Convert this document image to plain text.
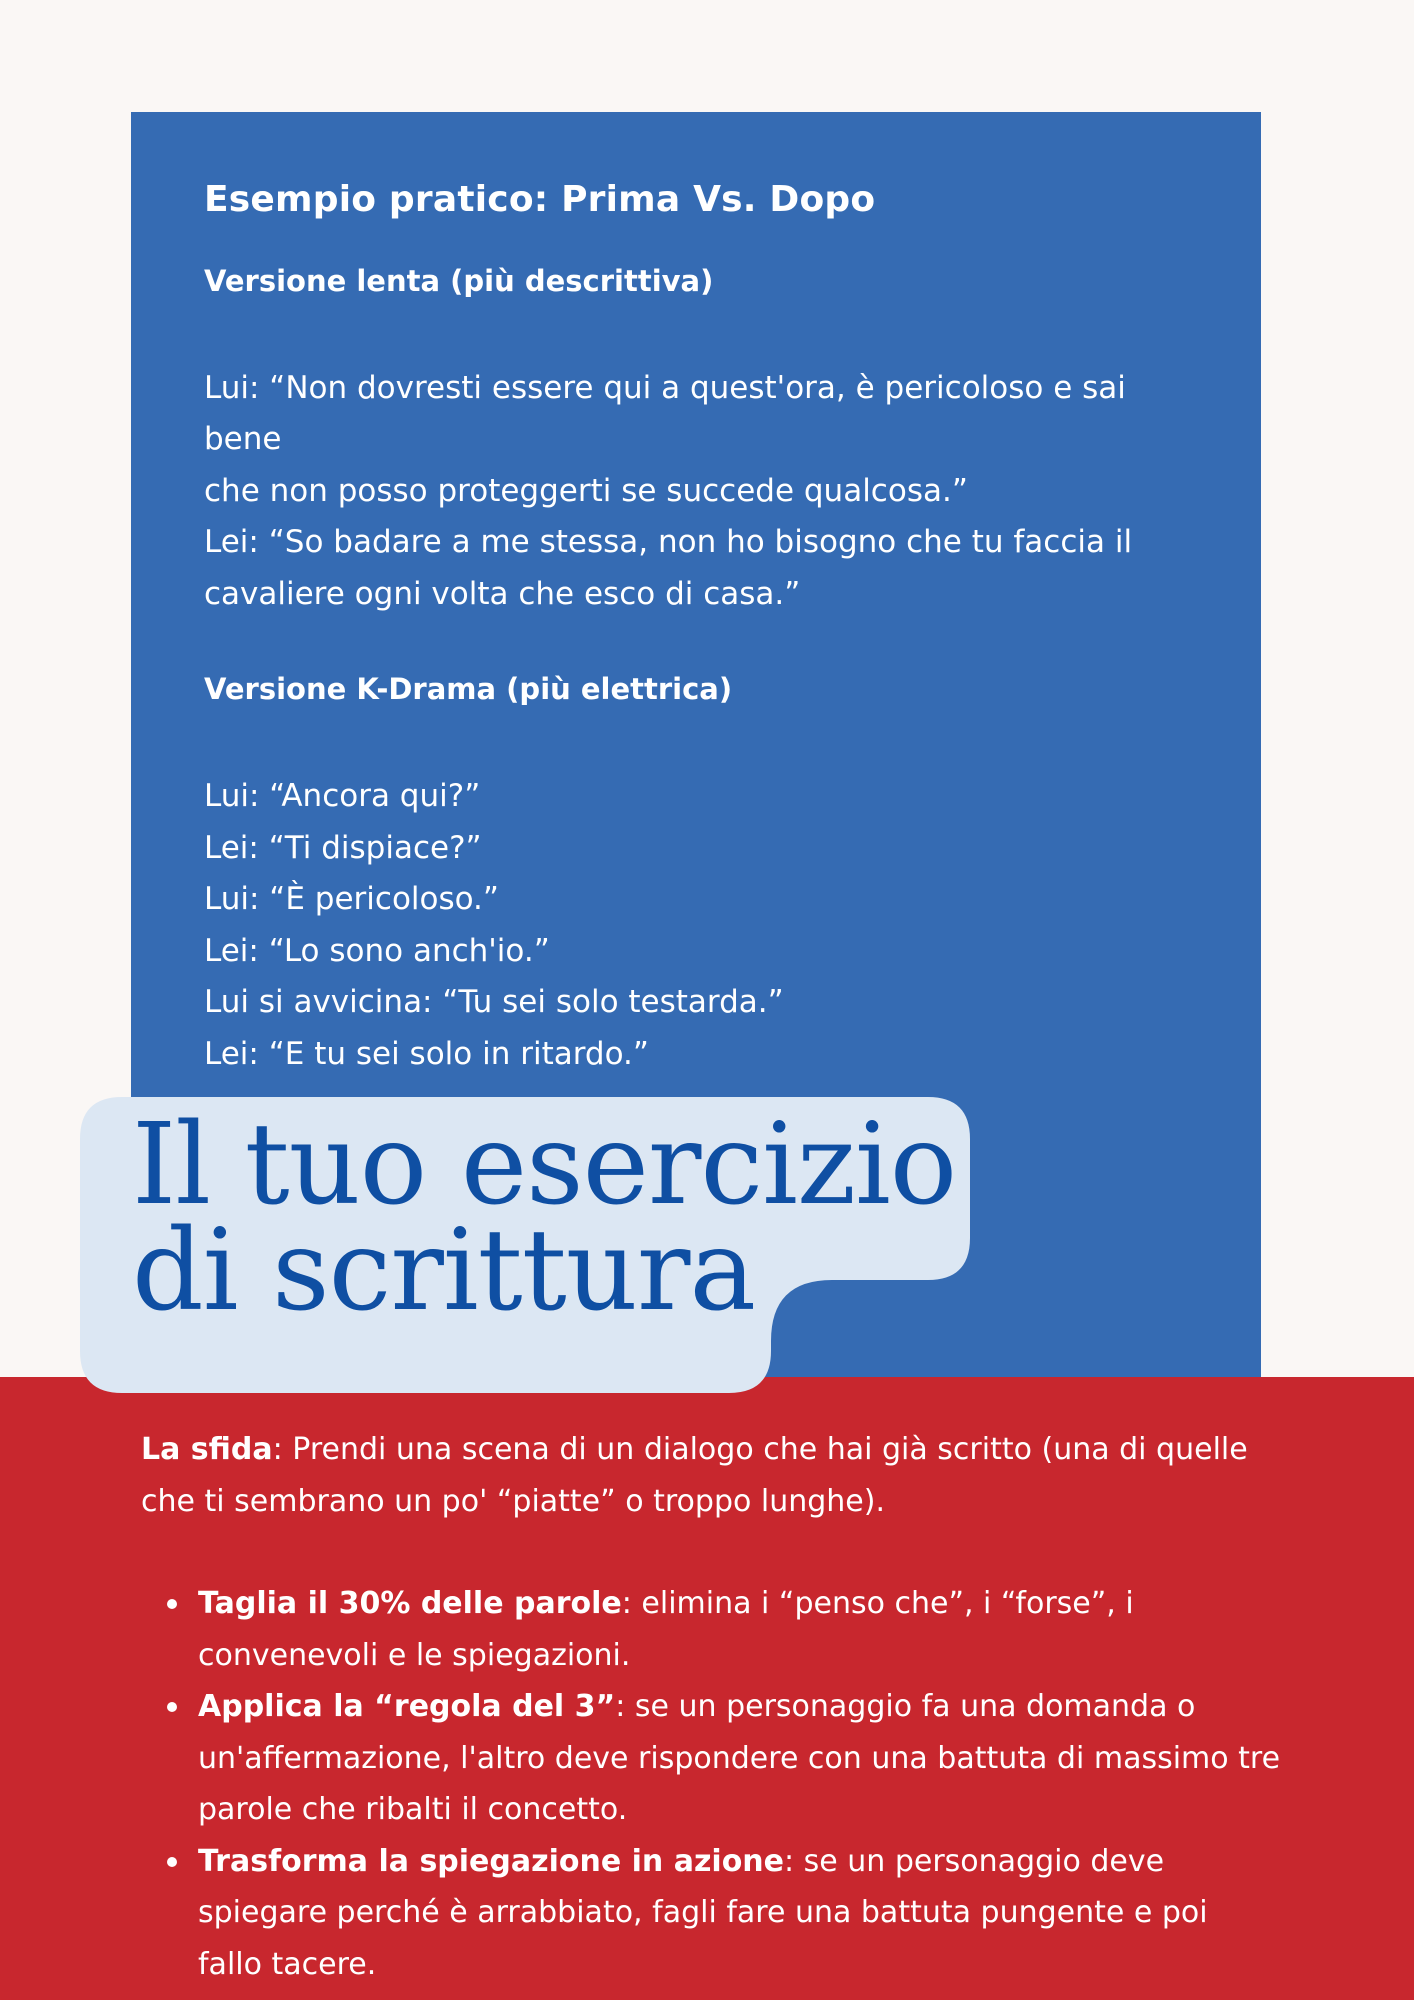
Esempio pratico: Prima Vs. Dopo
Versione lenta (più descrittiva)

Lui: “Non dovresti essere qui a quest'ora, è pericoloso e sai bene
che non posso proteggerti se succede qualcosa.”
Lei: “So badare a me stessa, non ho bisogno che tu faccia il
cavaliere ogni volta che esco di casa.”

Versione K-Drama (più elettrica)

Lui: “Ancora qui?”
Lei: “Ti dispiace?”
Lui: “È pericoloso.”
Lei: “Lo sono anch'io.”
Lui si avvicina: “Tu sei solo testarda.”
Lei: “E tu sei solo in ritardo.”

Il tuo esercizio
di scrittura

La sfida: Prendi una scena di un dialogo che hai già scritto (una di quelle che ti sembrano un po' “piatte” o troppo lunghe).

Taglia il 30% delle parole: elimina i “penso che”, i “forse”, i convenevoli e le spiegazioni.
Applica la “regola del 3”: se un personaggio fa una domanda o un'affermazione, l'altro deve rispondere con una battuta di massimo tre parole che ribalti il concetto.
Trasforma la spiegazione in azione: se un personaggio deve spiegare perché è arrabbiato, fagli fare una battuta pungente e poi fallo tacere.
